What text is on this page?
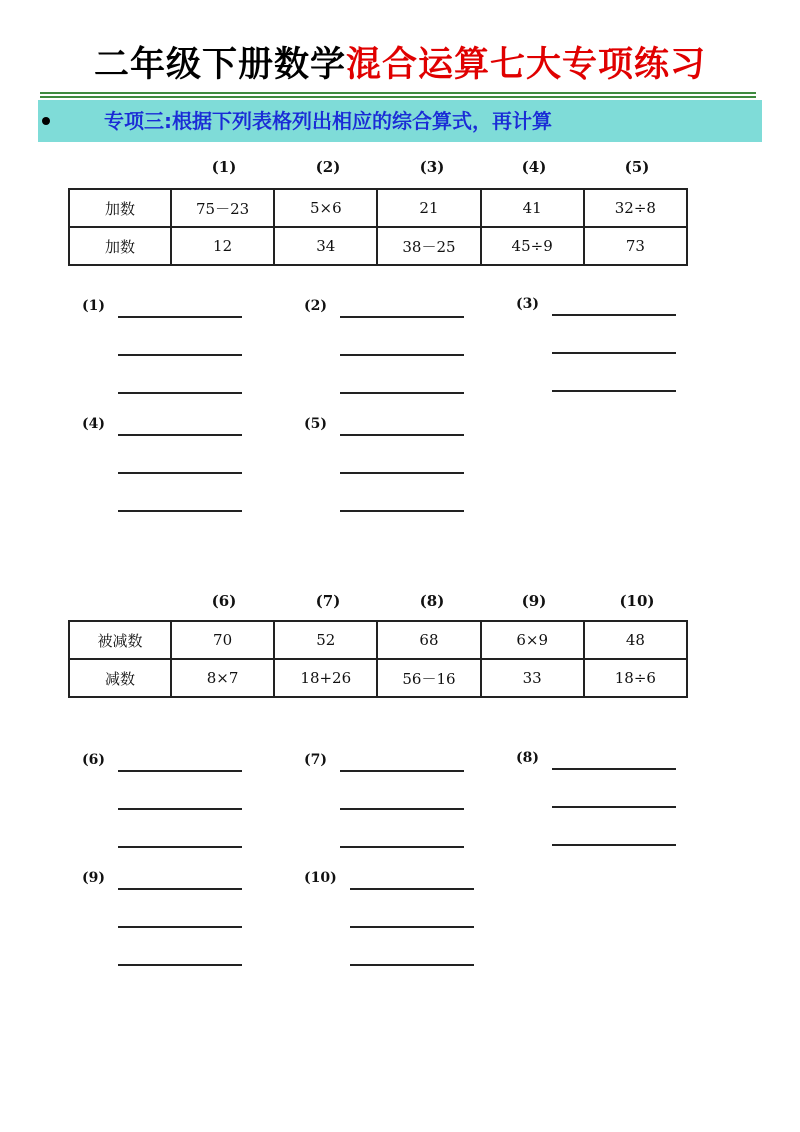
二年级下册数学混合运算七大专项练习
专项三:根据下列表格列出相应的综合算式，再计算
(1)	(2)	(3)	(4)	(5)
加数	75－23	5×6	21	41	32÷8
加数	12	34	38－25	45÷9	73
(1)	(2)	(3)
(4)	(5)
(6)	(7)	(8)	(9)	(10)
被减数	70	52	68	6×9	48
减数	8×7	18+26	56－16	33	18÷6
(6)	(7)	(8)
(9)	(10)
